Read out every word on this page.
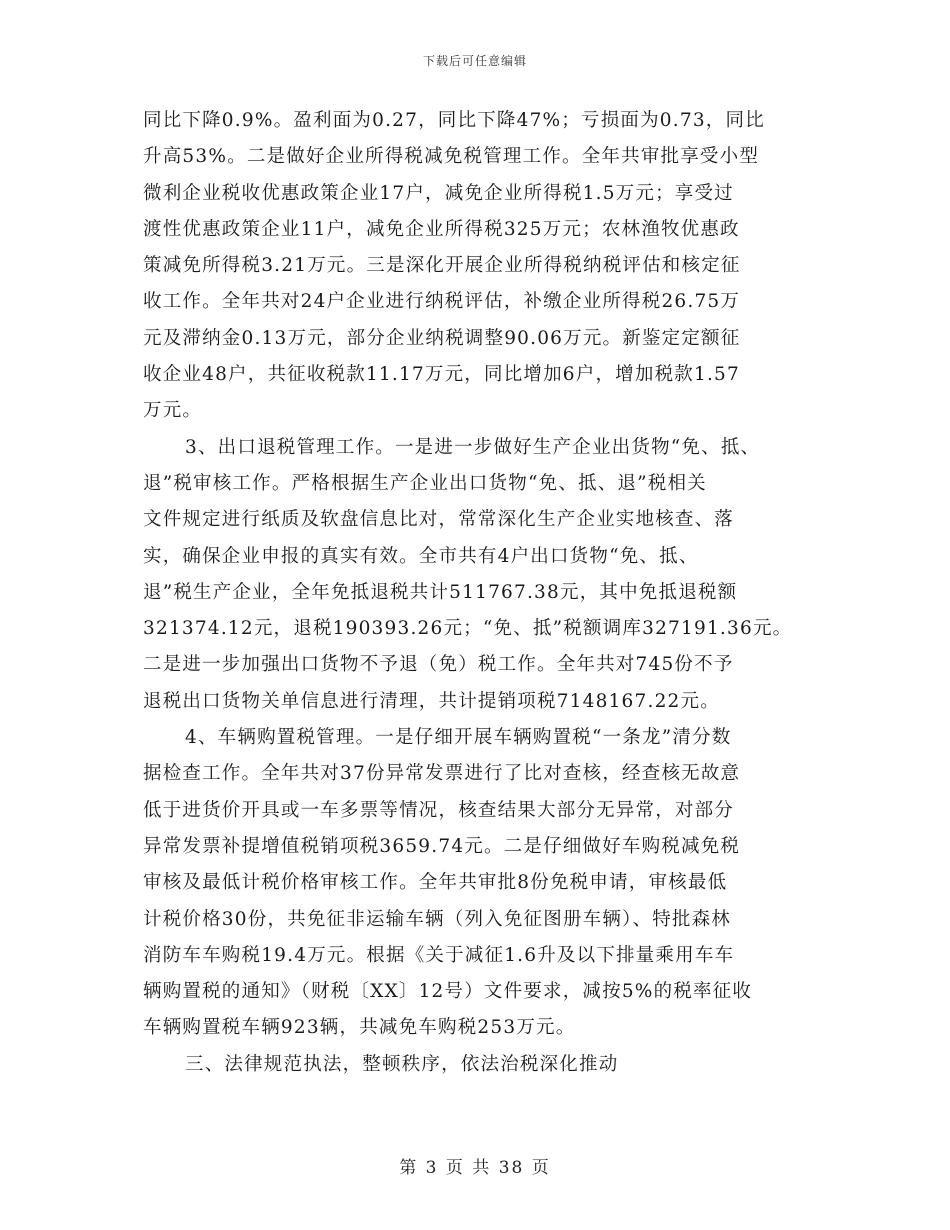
下载后可任意编辑
同比下降0.9%。盈利面为0.27，同比下降47%；亏损面为0.73，同比
升高53%。二是做好企业所得税减免税管理工作。全年共审批享受小型
微利企业税收优惠政策企业17户，减免企业所得税1.5万元；享受过
渡性优惠政策企业11户，减免企业所得税325万元；农林渔牧优惠政
策减免所得税3.21万元。三是深化开展企业所得税纳税评估和核定征
收工作。全年共对24户企业进行纳税评估，补缴企业所得税26.75万
元及滞纳金0.13万元，部分企业纳税调整90.06万元。新鉴定定额征
收企业48户，共征收税款11.17万元，同比增加6户，增加税款1.57
万元。
3、出口退税管理工作。一是进一步做好生产企业出货物“免、抵、
退”税审核工作。严格根据生产企业出口货物“免、抵、退”税相关
文件规定进行纸质及软盘信息比对，常常深化生产企业实地核查、落
实，确保企业申报的真实有效。全市共有4户出口货物“免、抵、
退”税生产企业，全年免抵退税共计511767.38元，其中免抵退税额
321374.12元，退税190393.26元；“免、抵”税额调库327191.36元。
二是进一步加强出口货物不予退（免）税工作。全年共对745份不予
退税出口货物关单信息进行清理，共计提销项税7148167.22元。
4、车辆购置税管理。一是仔细开展车辆购置税“一条龙”清分数
据检查工作。全年共对37份异常发票进行了比对查核，经查核无故意
低于进货价开具或一车多票等情况，核查结果大部分无异常，对部分
异常发票补提增值税销项税3659.74元。二是仔细做好车购税减免税
审核及最低计税价格审核工作。全年共审批8份免税申请，审核最低
计税价格30份，共免征非运输车辆（列入免征图册车辆）、特批森林
消防车车购税19.4万元。根据《关于减征1.6升及以下排量乘用车车
辆购置税的通知》（财税〔XX〕12号）文件要求，减按5%的税率征收
车辆购置税车辆923辆，共减免车购税253万元。
三、法律规范执法，整顿秩序，依法治税深化推动
第 3 页 共 38 页
